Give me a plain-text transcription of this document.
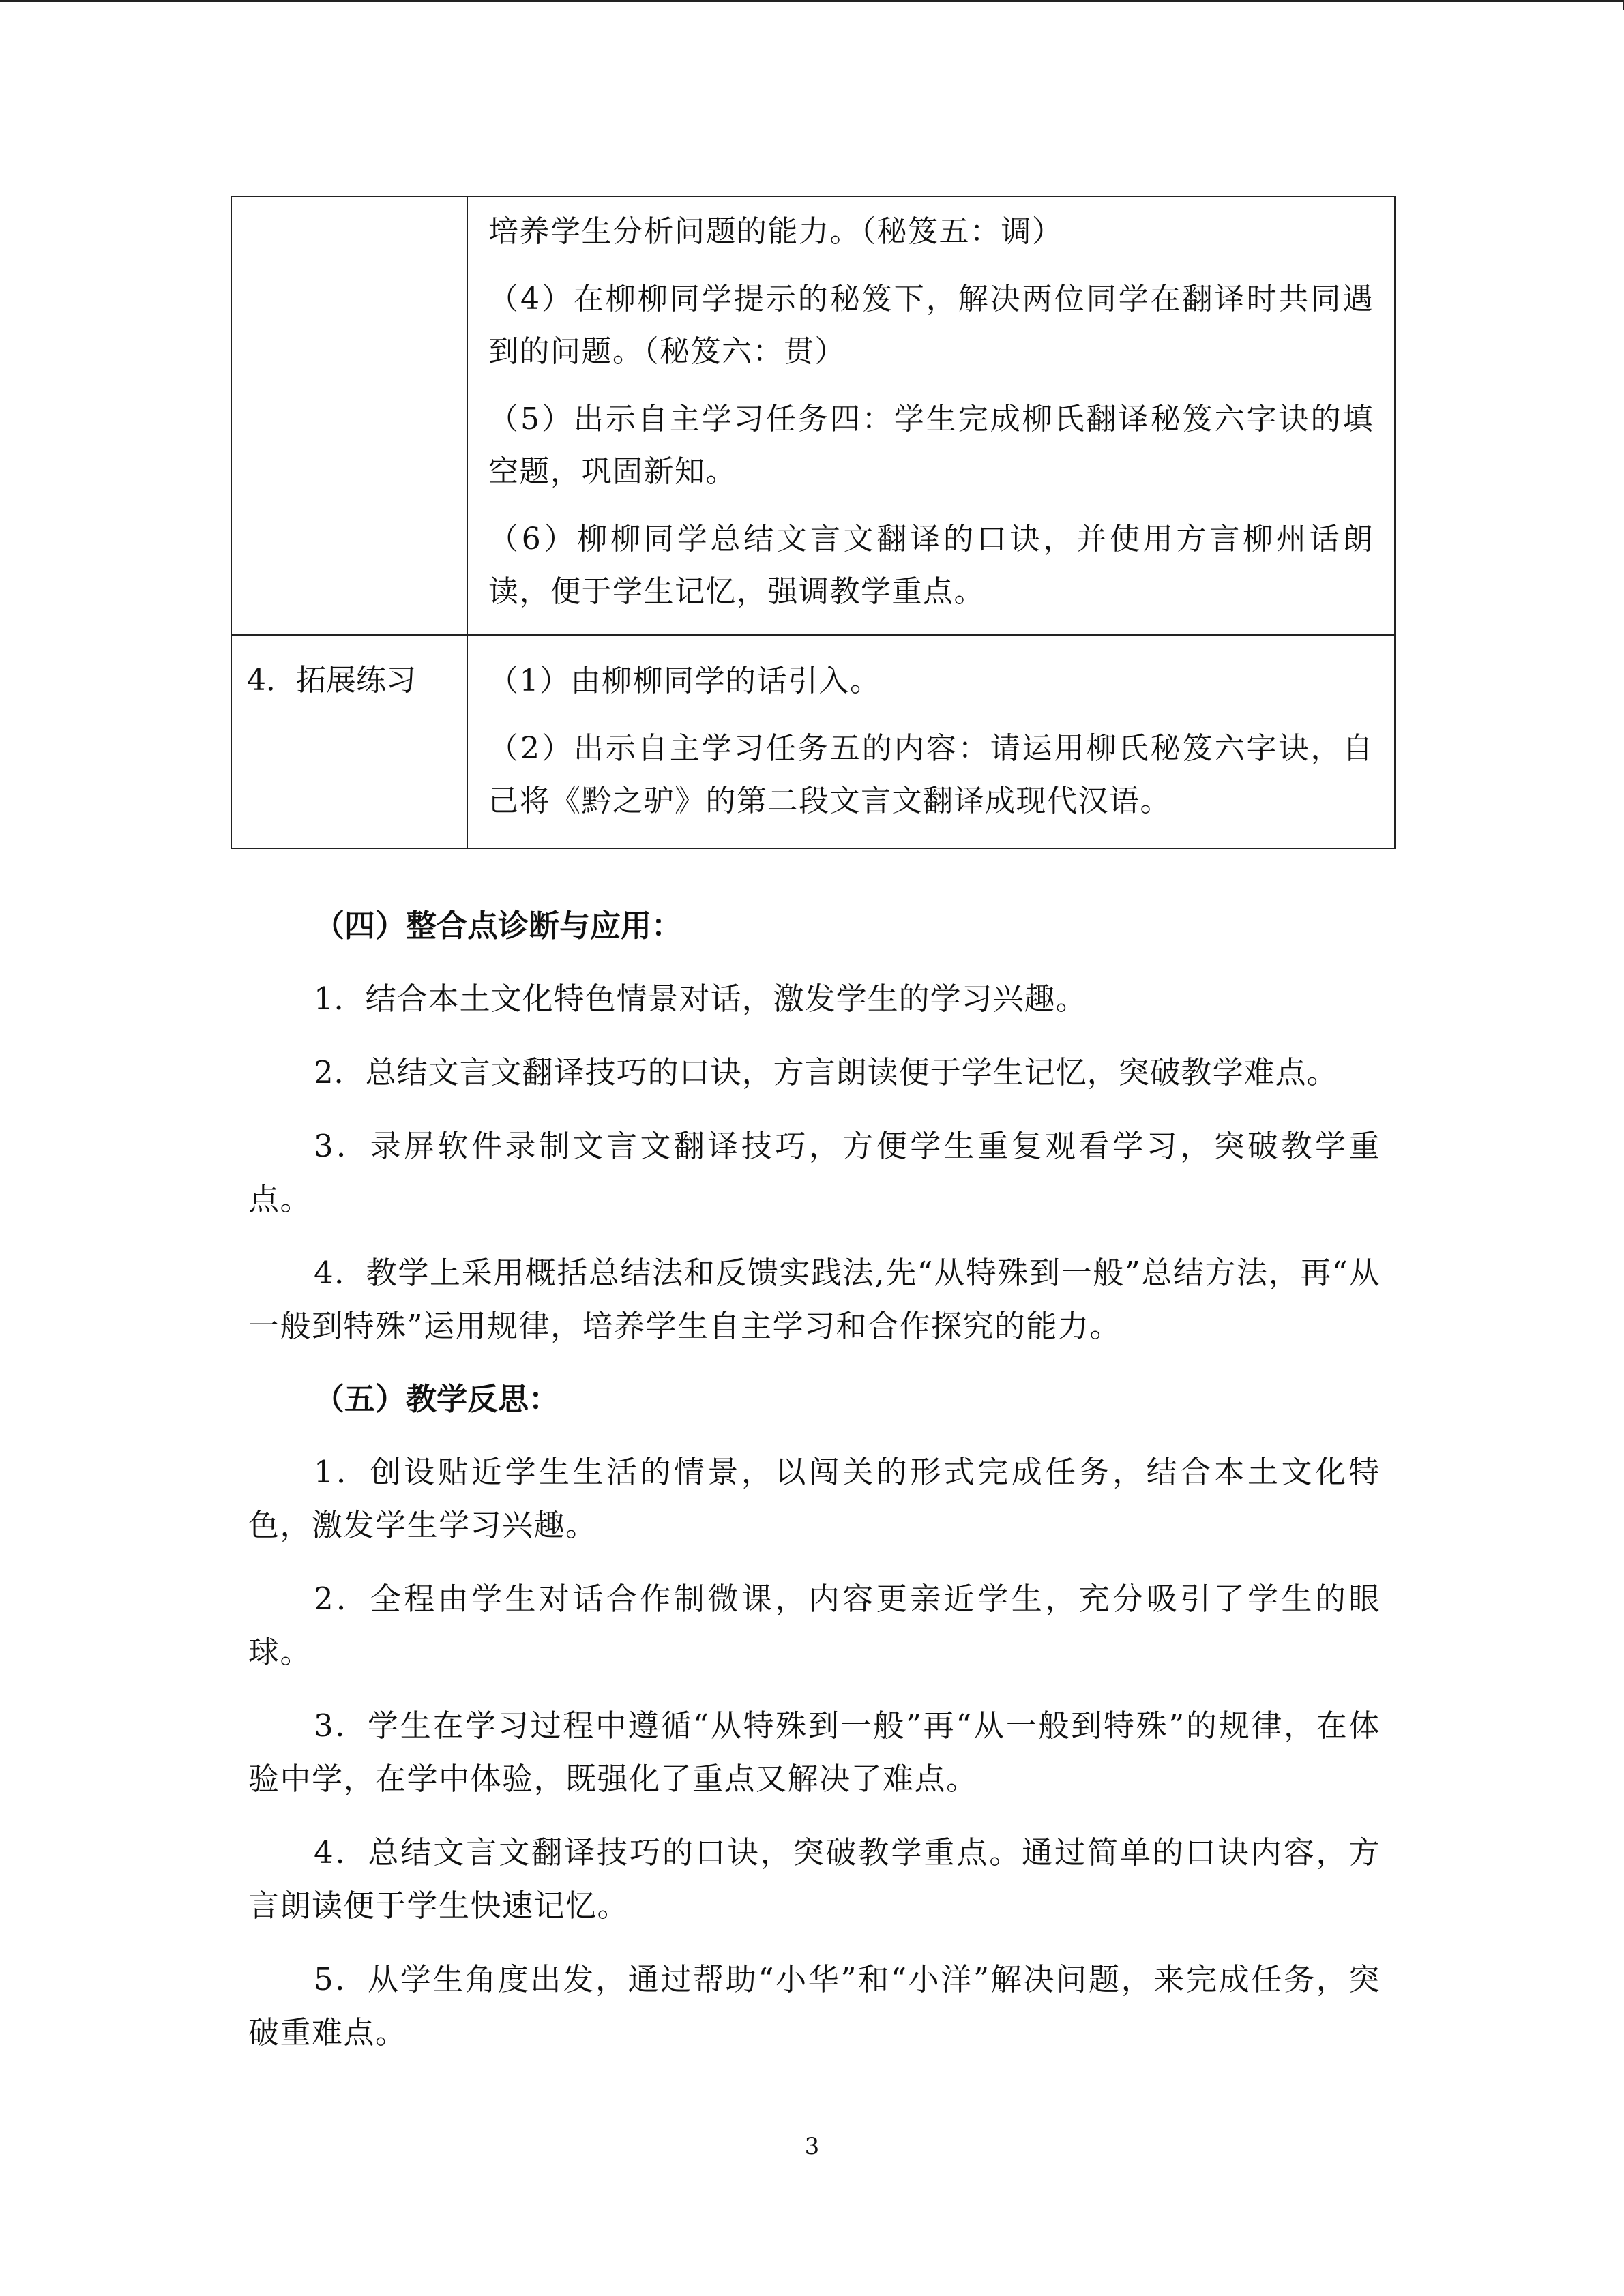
	培养学生分析问题的能力。（秘笈五：调）

（4）在柳柳同学提示的秘笈下，解决两位同学在翻译时共同遇到的问题。（秘笈六：贯）

（5）出示自主学习任务四：学生完成柳氏翻译秘笈六字诀的填空题，巩固新知。

（6）柳柳同学总结文言文翻译的口诀，并使用方言柳州话朗读，便于学生记忆，强调教学重点。

4．拓展练习	（1）由柳柳同学的话引入。

（2）出示自主学习任务五的内容：请运用柳氏秘笈六字诀，自己将《黔之驴》的第二段文言文翻译成现代汉语。

（四）整合点诊断与应用：

1．结合本土文化特色情景对话，激发学生的学习兴趣。

2．总结文言文翻译技巧的口诀，方言朗读便于学生记忆，突破教学难点。

3．录屏软件录制文言文翻译技巧，方便学生重复观看学习，突破教学重点。

4．教学上采用概括总结法和反馈实践法,先“从特殊到一般”总结方法，再“从一般到特殊”运用规律，培养学生自主学习和合作探究的能力。

（五）教学反思：

1．创设贴近学生生活的情景，以闯关的形式完成任务，结合本土文化特色，激发学生学习兴趣。

2．全程由学生对话合作制微课，内容更亲近学生，充分吸引了学生的眼球。

3．学生在学习过程中遵循“从特殊到一般”再“从一般到特殊”的规律，在体验中学，在学中体验，既强化了重点又解决了难点。

4．总结文言文翻译技巧的口诀，突破教学重点。通过简单的口诀内容，方言朗读便于学生快速记忆。

5．从学生角度出发，通过帮助“小华”和“小洋”解决问题，来完成任务，突破重难点。

3
